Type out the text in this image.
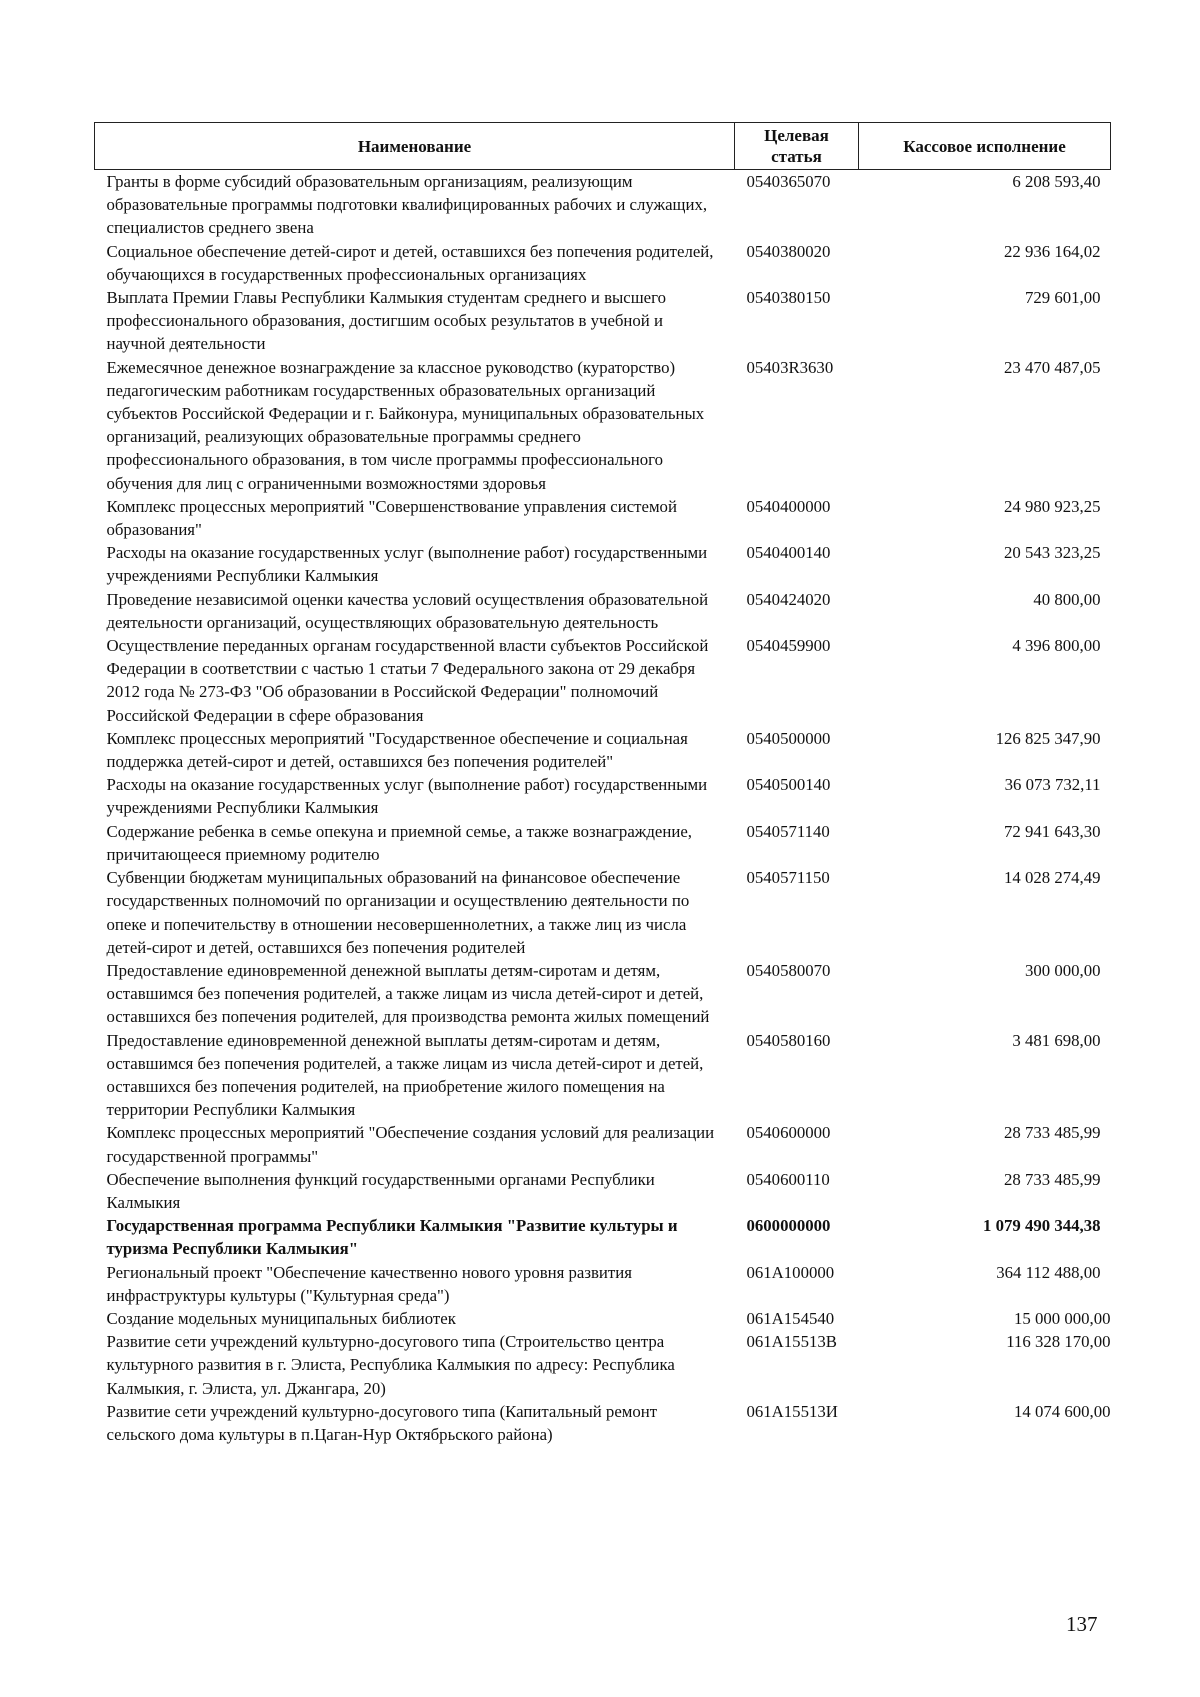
Наименование	Целевая статья	Кассовое исполнение
Гранты в форме субсидий образовательным организациям, реализующим образовательные программы подготовки квалифицированных рабочих и служащих, специалистов среднего звена	0540365070	6 208 593,40
Социальное обеспечение детей-сирот и детей, оставшихся без попечения родителей, обучающихся в государственных профессиональных организациях	0540380020	22 936 164,02
Выплата Премии Главы Республики Калмыкия студентам среднего и высшего профессионального образования, достигшим особых результатов в учебной и научной деятельности	0540380150	729 601,00
Ежемесячное денежное вознаграждение за классное руководство (кураторство) педагогическим работникам государственных образовательных организаций субъектов Российской Федерации и г. Байконура, муниципальных образовательных организаций, реализующих образовательные программы среднего профессионального образования, в том числе программы профессионального обучения для лиц с ограниченными возможностями здоровья	05403R3630	23 470 487,05
Комплекс процессных мероприятий "Совершенствование управления системой образования"	0540400000	24 980 923,25
Расходы на оказание государственных услуг (выполнение работ) государственными учреждениями Республики Калмыкия	0540400140	20 543 323,25
Проведение независимой оценки качества условий осуществления образовательной деятельности организаций, осуществляющих образовательную деятельность	0540424020	40 800,00
Осуществление переданных органам государственной власти субъектов Российской Федерации в соответствии с частью 1 статьи 7 Федерального закона от 29 декабря 2012 года № 273-ФЗ "Об образовании в Российской Федерации" полномочий Российской Федерации в сфере образования	0540459900	4 396 800,00
Комплекс процессных мероприятий "Государственное обеспечение и социальная поддержка детей-сирот и детей, оставшихся без попечения родителей"	0540500000	126 825 347,90
Расходы на оказание государственных услуг (выполнение работ) государственными учреждениями Республики Калмыкия	0540500140	36 073 732,11
Содержание ребенка в семье опекуна и приемной семье, а также вознаграждение, причитающееся приемному родителю	0540571140	72 941 643,30
Субвенции бюджетам муниципальных образований на финансовое обеспечение государственных полномочий по организации и осуществлению деятельности по опеке и попечительству в отношении несовершеннолетних, а также лиц из числа детей-сирот и детей, оставшихся без попечения родителей	0540571150	14 028 274,49
Предоставление единовременной денежной выплаты детям-сиротам и детям, оставшимся без попечения родителей, а также лицам из числа детей-сирот и детей, оставшихся без попечения родителей, для производства ремонта жилых помещений	0540580070	300 000,00
Предоставление единовременной денежной выплаты детям-сиротам и детям, оставшимся без попечения родителей, а также лицам из числа детей-сирот и детей, оставшихся без попечения родителей, на приобретение жилого помещения на территории Республики Калмыкия	0540580160	3 481 698,00
Комплекс процессных мероприятий "Обеспечение создания условий для реализации государственной программы"	0540600000	28 733 485,99
Обеспечение выполнения функций государственными органами Республики Калмыкия	0540600110	28 733 485,99
Государственная программа Республики Калмыкия "Развитие культуры и туризма Республики Калмыкия"	0600000000	1 079 490 344,38
Региональный проект "Обеспечение качественно нового уровня развития инфраструктуры культуры ("Культурная среда")	061А100000	364 112 488,00
Создание модельных муниципальных библиотек	061А154540	15 000 000,00
Развитие сети учреждений культурно-досугового типа (Строительство центра культурного развития в г. Элиста, Республика Калмыкия по адресу: Республика Калмыкия, г. Элиста, ул. Джангара, 20)	061А15513В	116 328 170,00
Развитие сети учреждений культурно-досугового типа (Капитальный ремонт сельского дома культуры в п.Цаган-Нур Октябрьского района)	061А15513И	14 074 600,00
137
